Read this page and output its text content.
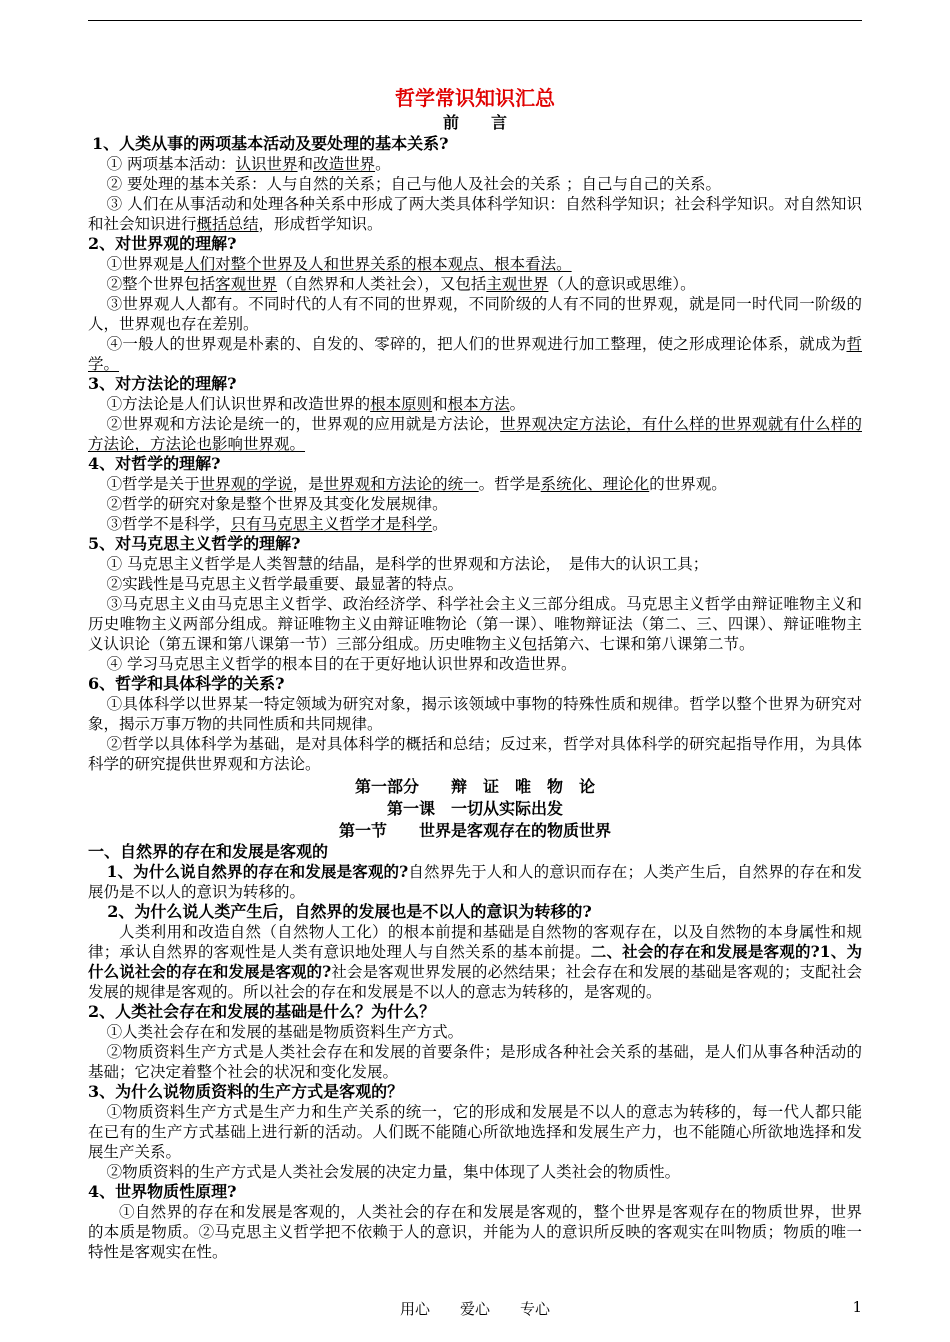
哲学常识知识汇总
前　　言
1、人类从事的两项基本活动及要处理的基本关系?
① 两项基本活动：认识世界和改造世界。
② 要处理的基本关系：人与自然的关系；自己与他人及社会的关系 ；自己与自己的关系。
③ 人们在从事活动和处理各种关系中形成了两大类具体科学知识：自然科学知识；社会科学知识。对自然知识和社会知识进行概括总结，形成哲学知识。
2、对世界观的理解?
①世界观是人们对整个世界及人和世界关系的根本观点、根本看法。
②整个世界包括客观世界（自然界和人类社会），又包括主观世界（人的意识或思维）。
③世界观人人都有。不同时代的人有不同的世界观，不同阶级的人有不同的世界观，就是同一时代同一阶级的人，世界观也存在差别。
④一般人的世界观是朴素的、自发的、零碎的，把人们的世界观进行加工整理，使之形成理论体系，就成为哲学。
3、对方法论的理解?
①方法论是人们认识世界和改造世界的根本原则和根本方法。
②世界观和方法论是统一的，世界观的应用就是方法论，世界观决定方法论，有什么样的世界观就有什么样的方法论，方法论也影响世界观。
4、对哲学的理解?
①哲学是关于世界观的学说，是世界观和方法论的统一。哲学是系统化、理论化的世界观。
②哲学的研究对象是整个世界及其变化发展规律。
③哲学不是科学，只有马克思主义哲学才是科学。
5、对马克思主义哲学的理解?
① 马克思主义哲学是人类智慧的结晶，是科学的世界观和方法论，　是伟大的认识工具；
②实践性是马克思主义哲学最重要、最显著的特点。
③马克思主义由马克思主义哲学、政治经济学、科学社会主义三部分组成。马克思主义哲学由辩证唯物主义和历史唯物主义两部分组成。辩证唯物主义由辩证唯物论（第一课）、唯物辩证法（第二、三、四课）、辩证唯物主义认识论（第五课和第八课第一节）三部分组成。历史唯物主义包括第六、七课和第八课第二节。
④ 学习马克思主义哲学的根本目的在于更好地认识世界和改造世界。
6、哲学和具体科学的关系?
①具体科学以世界某一特定领域为研究对象，揭示该领域中事物的特殊性质和规律。哲学以整个世界为研究对象，揭示万事万物的共同性质和共同规律。
②哲学以具体科学为基础，是对具体科学的概括和总结；反过来，哲学对具体科学的研究起指导作用，为具体科学的研究提供世界观和方法论。
第一部分　　辩　证　唯　物　论
第一课　一切从实际出发
第一节　　世界是客观存在的物质世界
一、自然界的存在和发展是客观的
1、为什么说自然界的存在和发展是客观的?自然界先于人和人的意识而存在；人类产生后，自然界的存在和发展仍是不以人的意识为转移的。
2、为什么说人类产生后，自然界的发展也是不以人的意识为转移的?
人类利用和改造自然（自然物人工化）的根本前提和基础是自然物的客观存在，以及自然物的本身属性和规律；承认自然界的客观性是人类有意识地处理人与自然关系的基本前提。二、社会的存在和发展是客观的?1、为什么说社会的存在和发展是客观的?社会是客观世界发展的必然结果；社会存在和发展的基础是客观的；支配社会发展的规律是客观的。所以社会的存在和发展是不以人的意志为转移的，是客观的。
2、人类社会存在和发展的基础是什么？为什么？
①人类社会存在和发展的基础是物质资料生产方式。
②物质资料生产方式是人类社会存在和发展的首要条件；是形成各种社会关系的基础，是人们从事各种活动的基础；它决定着整个社会的状况和变化发展。
3、为什么说物质资料的生产方式是客观的？
①物质资料生产方式是生产力和生产关系的统一，它的形成和发展是不以人的意志为转移的，每一代人都只能在已有的生产方式基础上进行新的活动。人们既不能随心所欲地选择和发展生产力，也不能随心所欲地选择和发展生产关系。
②物质资料的生产方式是人类社会发展的决定力量，集中体现了人类社会的物质性。
4、世界物质性原理?
①自然界的存在和发展是客观的，人类社会的存在和发展是客观的，整个世界是客观存在的物质世界，世界的本质是物质。②马克思主义哲学把不依赖于人的意识，并能为人的意识所反映的客观实在叫物质；物质的唯一特性是客观实在性。
用心　　爱心　　专心	1
